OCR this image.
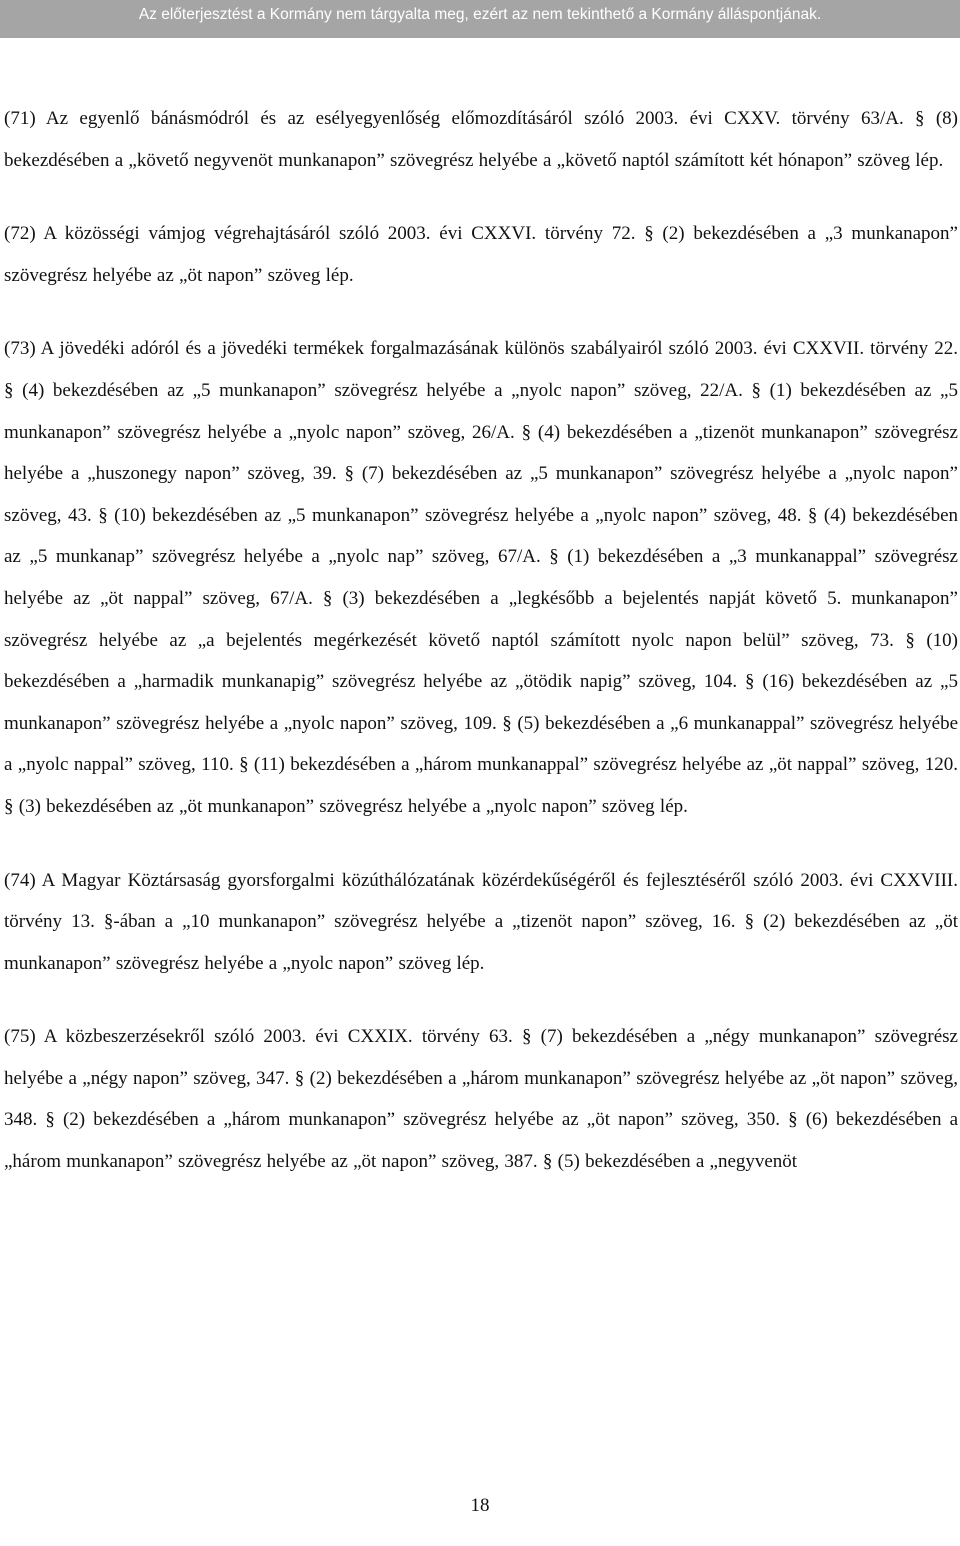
Az előterjesztést a Kormány nem tárgyalta meg, ezért az nem tekinthető a Kormány álláspontjának.

(71) Az egyenlő bánásmódról és az esélyegyenlőség előmozdításáról szóló 2003. évi CXXV. törvény 63/A. § (8) bekezdésében a „követő negyvenöt munkanapon” szövegrész helyébe a „követő naptól számított két hónapon” szöveg lép.

(72) A közösségi vámjog végrehajtásáról szóló 2003. évi CXXVI. törvény 72. § (2) bekezdésében a „3 munkanapon” szövegrész helyébe az „öt napon” szöveg lép.

(73) A jövedéki adóról és a jövedéki termékek forgalmazásának különös szabályairól szóló 2003. évi CXXVII. törvény 22. § (4) bekezdésében az „5 munkanapon” szövegrész helyébe a „nyolc napon” szöveg, 22/A. § (1) bekezdésében az „5 munkanapon” szövegrész helyébe a „nyolc napon” szöveg, 26/A. § (4) bekezdésében a „tizenöt munkanapon” szövegrész helyébe a „huszonegy napon” szöveg, 39. § (7) bekezdésében az „5 munkanapon” szövegrész helyébe a „nyolc napon” szöveg, 43. § (10) bekezdésében az „5 munkanapon” szövegrész helyébe a „nyolc napon” szöveg, 48. § (4) bekezdésében az „5 munkanap” szövegrész helyébe a „nyolc nap” szöveg, 67/A. § (1) bekezdésében a „3 munkanappal” szövegrész helyébe az „öt nappal” szöveg, 67/A. § (3) bekezdésében a „legkésőbb a bejelentés napját követő 5. munkanapon” szövegrész helyébe az „a bejelentés megérkezését követő naptól számított nyolc napon belül” szöveg, 73. § (10) bekezdésében a „harmadik munkanapig” szövegrész helyébe az „ötödik napig” szöveg, 104. § (16) bekezdésében az „5 munkanapon” szövegrész helyébe a „nyolc napon” szöveg, 109. § (5) bekezdésében a „6 munkanappal” szövegrész helyébe a „nyolc nappal” szöveg, 110. § (11) bekezdésében a „három munkanappal” szövegrész helyébe az „öt nappal” szöveg, 120. § (3) bekezdésében az „öt munkanapon” szövegrész helyébe a „nyolc napon” szöveg lép.

(74) A Magyar Köztársaság gyorsforgalmi közúthálózatának közérdekűségéről és fejlesztéséről szóló 2003. évi CXXVIII. törvény 13. §-ában a „10 munkanapon” szövegrész helyébe a „tizenöt napon” szöveg, 16. § (2) bekezdésében az „öt munkanapon” szövegrész helyébe a „nyolc napon” szöveg lép.

(75) A közbeszerzésekről szóló 2003. évi CXXIX. törvény 63. § (7) bekezdésében a „négy munkanapon” szövegrész helyébe a „négy napon” szöveg, 347. § (2) bekezdésében a „három munkanapon” szövegrész helyébe az „öt napon” szöveg, 348. § (2) bekezdésében a „három munkanapon” szövegrész helyébe az „öt napon” szöveg, 350. § (6) bekezdésében a „három munkanapon” szövegrész helyébe az „öt napon” szöveg, 387. § (5) bekezdésében a „negyvenöt

18
